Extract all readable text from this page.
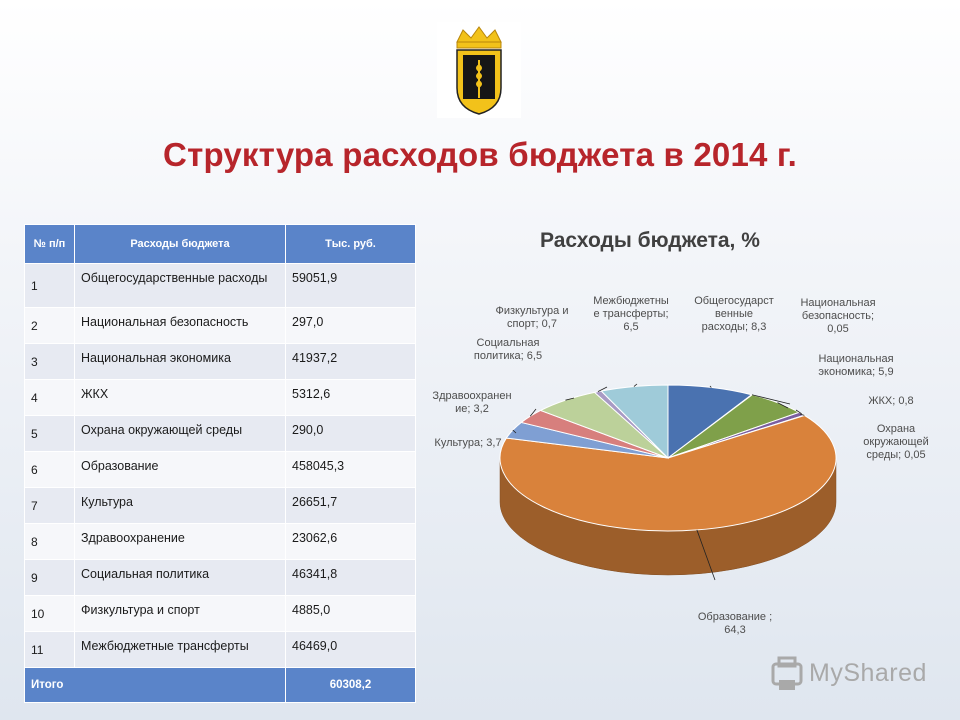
Структура расходов бюджета в 2014 г.
№ п/п	Расходы бюджета	Тыс. руб.
1	Общегосударственные расходы	59051,9
2	Национальная безопасность	297,0
3	Национальная экономика	41937,2
4	ЖКХ	5312,6
5	Охрана окружающей среды	290,0
6	Образование	458045,3
7	Культура	26651,7
8	Здравоохранение	23062,6
9	Социальная политика	46341,8
10	Физкультура и спорт	4885,0
11	Межбюджетные трансферты	46469,0
Итого		60308,2
Расходы бюджета, %
Общегосударст венные расходы; 8,3
Национальная безопасность; 0,05
Национальная экономика; 5,9
ЖКХ; 0,8
Охрана окружающей среды; 0,05
Образование ; 64,3
Культура; 3,7
Здравоохранен ие; 3,2
Социальная политика; 6,5
Физкультура и спорт; 0,7
Межбюджетны е трансферты; 6,5
MyShared
